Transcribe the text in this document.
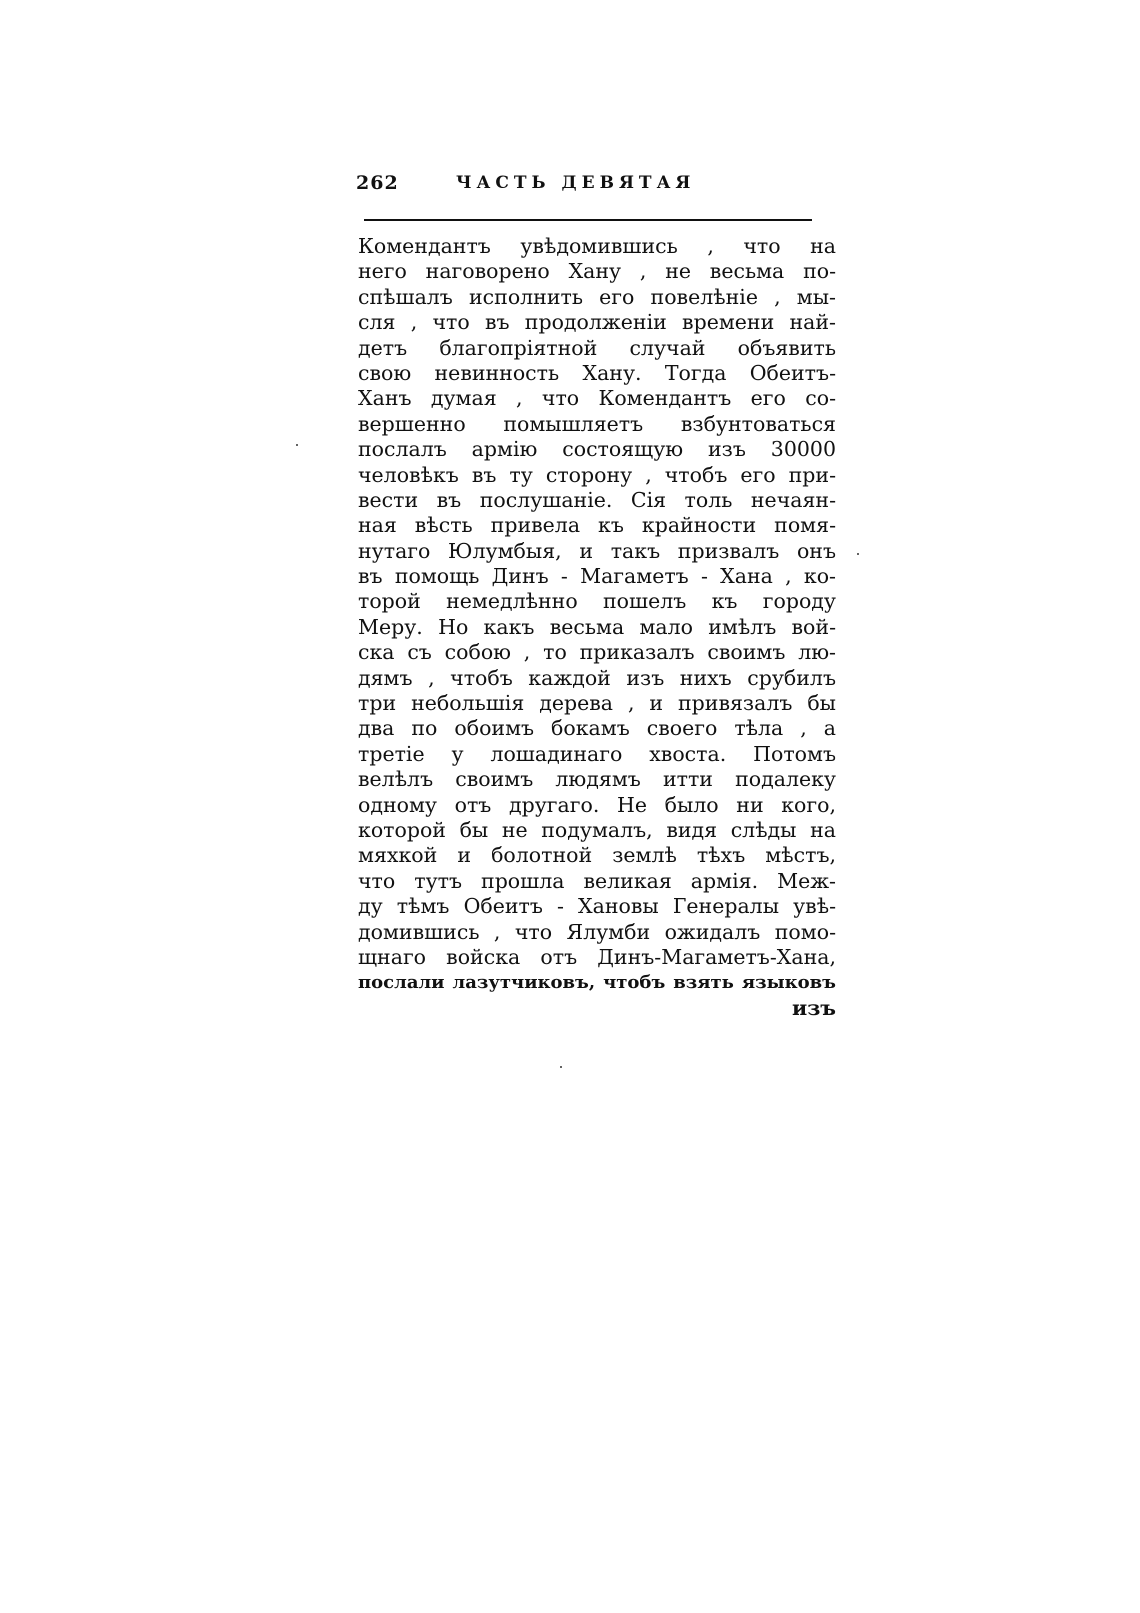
262	ЧАСТЬ ДЕВЯТАЯ
Комендантъ увѣдомившись , что на
него наговорено Хану , не весьма по-
спѣшалъ исполнить его повелѣніе , мы-
сля , что въ продолженіи времени най-
детъ благопріятной случай объявить
свою невинность Хану. Тогда Обеитъ-
Ханъ думая , что Комендантъ его со-
вершенно помышляетъ взбунтоваться
послалъ армію состоящую изъ 30000
человѣкъ въ ту сторону , чтобъ его при-
вести въ послушаніе. Сія толь нечаян-
ная вѣсть привела къ крайности помя-
нутаго Юлумбыя, и такъ призвалъ онъ
въ помощь Динъ - Магаметъ - Хана , ко-
торой немедлѣнно пошелъ къ городу
Меру. Но какъ весьма мало имѣлъ вой-
ска съ собою , то приказалъ своимъ лю-
дямъ , чтобъ каждой изъ нихъ срубилъ
три небольшія дерева , и привязалъ бы
два по обоимъ бокамъ своего тѣла , а
третіе у лошадинаго хвоста. Потомъ
велѣлъ своимъ людямъ итти подалеку
одному отъ другаго. Не было ни кого,
которой бы не подумалъ, видя слѣды на
мяхкой и болотной землѣ тѣхъ мѣстъ,
что тутъ прошла великая армія. Меж-
ду тѣмъ Обеитъ - Хановы Генералы увѣ-
домившись , что Ялумби ожидалъ помо-
щнаго войска отъ Динъ-Магаметъ-Хана,
послали лазутчиковъ, чтобъ взять языковъ
изъ
